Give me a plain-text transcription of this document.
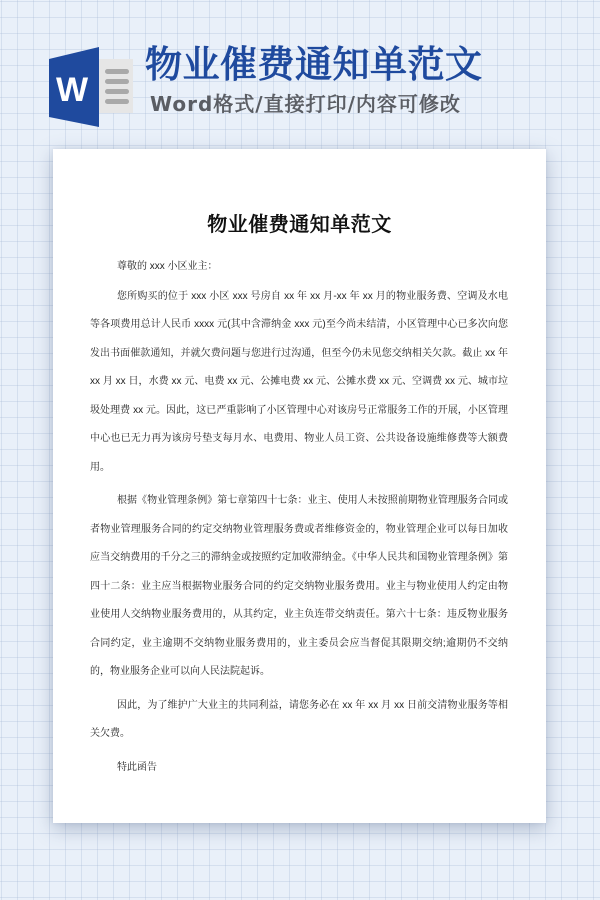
W
物业催费通知单范文

Word格式/直接打印/内容可修改

物业催费通知单范文

尊敬的 xxx 小区业主：

您所购买的位于 xxx 小区 xxx 号房自 xx 年 xx 月-xx 年 xx 月的物业服务费、空调及水电等各项费用总计人民币 xxxx 元(其中含滞纳金 xxx 元)至今尚未结清，小区管理中心已多次向您发出书面催款通知，并就欠费问题与您进行过沟通，但至今仍未见您交纳相关欠款。截止 xx 年 xx 月 xx 日，水费 xx 元、电费 xx 元、公摊电费 xx 元、公摊水费 xx 元、空调费 xx 元、城市垃圾处理费 xx 元。因此，这已严重影响了小区管理中心对该房号正常服务工作的开展，小区管理中心也已无力再为该房号垫支每月水、电费用、物业人员工资、公共设备设施维修费等大额费用。

根据《物业管理条例》第七章第四十七条：业主、使用人未按照前期物业管理服务合同或者物业管理服务合同的约定交纳物业管理服务费或者维修资金的，物业管理企业可以每日加收应当交纳费用的千分之三的滞纳金或按照约定加收滞纳金。《中华人民共和国物业管理条例》第四十二条：业主应当根据物业服务合同的约定交纳物业服务费用。业主与物业使用人约定由物业使用人交纳物业服务费用的，从其约定，业主负连带交纳责任。第六十七条：违反物业服务合同约定，业主逾期不交纳物业服务费用的，业主委员会应当督促其限期交纳;逾期仍不交纳的，物业服务企业可以向人民法院起诉。

因此，为了维护广大业主的共同利益，请您务必在 xx 年 xx 月 xx 日前交清物业服务等相关欠费。

特此函告
